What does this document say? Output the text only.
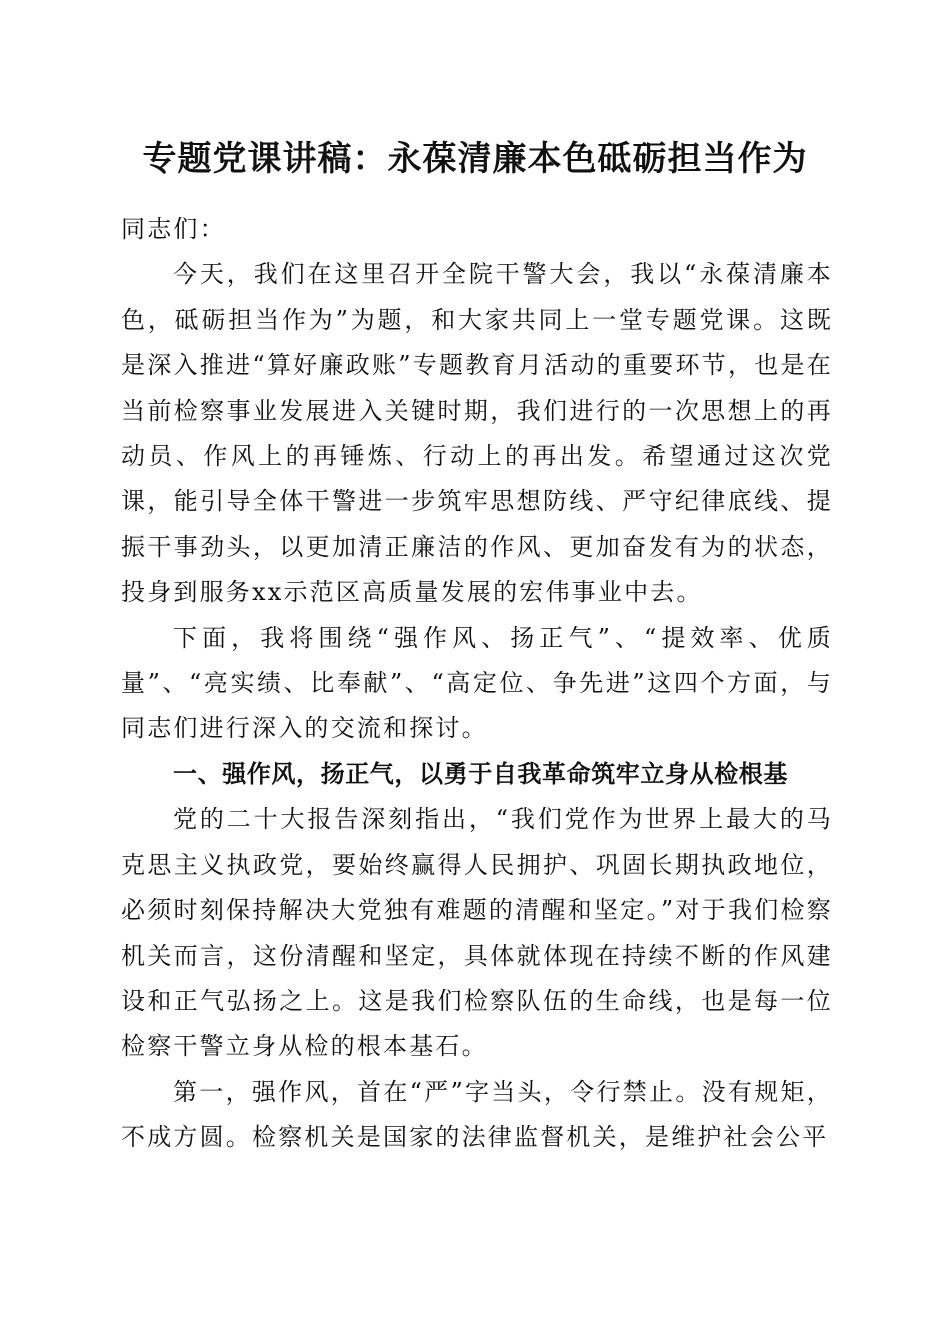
专题党课讲稿：永葆清廉本色砥砺担当作为

同志们：

今天，我们在这里召开全院干警大会，我以“永葆清廉本色，砥砺担当作为”为题，和大家共同上一堂专题党课。这既是深入推进“算好廉政账”专题教育月活动的重要环节，也是在当前检察事业发展进入关键时期，我们进行的一次思想上的再动员、作风上的再锤炼、行动上的再出发。希望通过这次党课，能引导全体干警进一步筑牢思想防线、严守纪律底线、提振干事劲头，以更加清正廉洁的作风、更加奋发有为的状态，投身到服务xx示范区高质量发展的宏伟事业中去。

下面，我将围绕“强作风、扬正气”、“提效率、优质量”、“亮实绩、比奉献”、“高定位、争先进”这四个方面，与同志们进行深入的交流和探讨。

一、强作风，扬正气，以勇于自我革命筑牢立身从检根基

党的二十大报告深刻指出，“我们党作为世界上最大的马克思主义执政党，要始终赢得人民拥护、巩固长期执政地位，必须时刻保持解决大党独有难题的清醒和坚定。”对于我们检察机关而言，这份清醒和坚定，具体就体现在持续不断的作风建设和正气弘扬之上。这是我们检察队伍的生命线，也是每一位检察干警立身从检的根本基石。

第一，强作风，首在“严”字当头，令行禁止。没有规矩，不成方圆。检察机关是国家的法律监督机关，是维护社会公平
